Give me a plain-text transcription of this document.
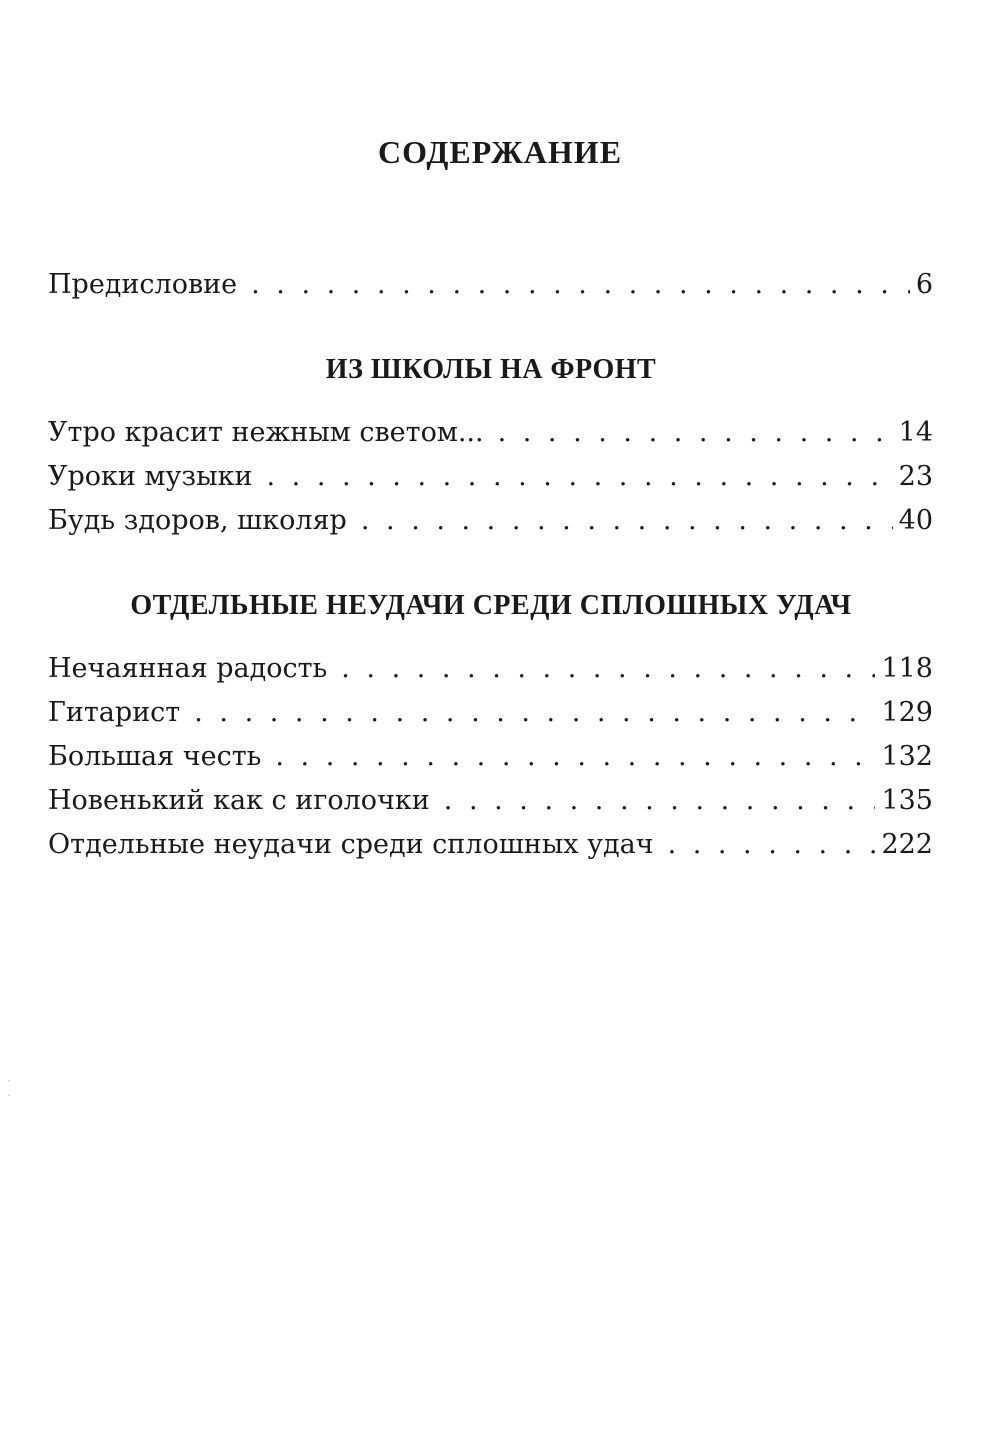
СОДЕРЖАНИЕ
Предисловие . . .	6
ИЗ ШКОЛЫ НА ФРОНТ
Утро красит нежным светом... . . .	14
Уроки музыки . . .	23
Будь здоров, школяр . . .	40
ОТДЕЛЬНЫЕ НЕУДАЧИ СРЕДИ СПЛОШНЫХ УДАЧ
Нечаянная радость . . .	118
Гитарист . . .	129
Большая честь . . .	132
Новенький как с иголочки . . .	135
Отдельные неудачи среди сплошных удач . . .	222
